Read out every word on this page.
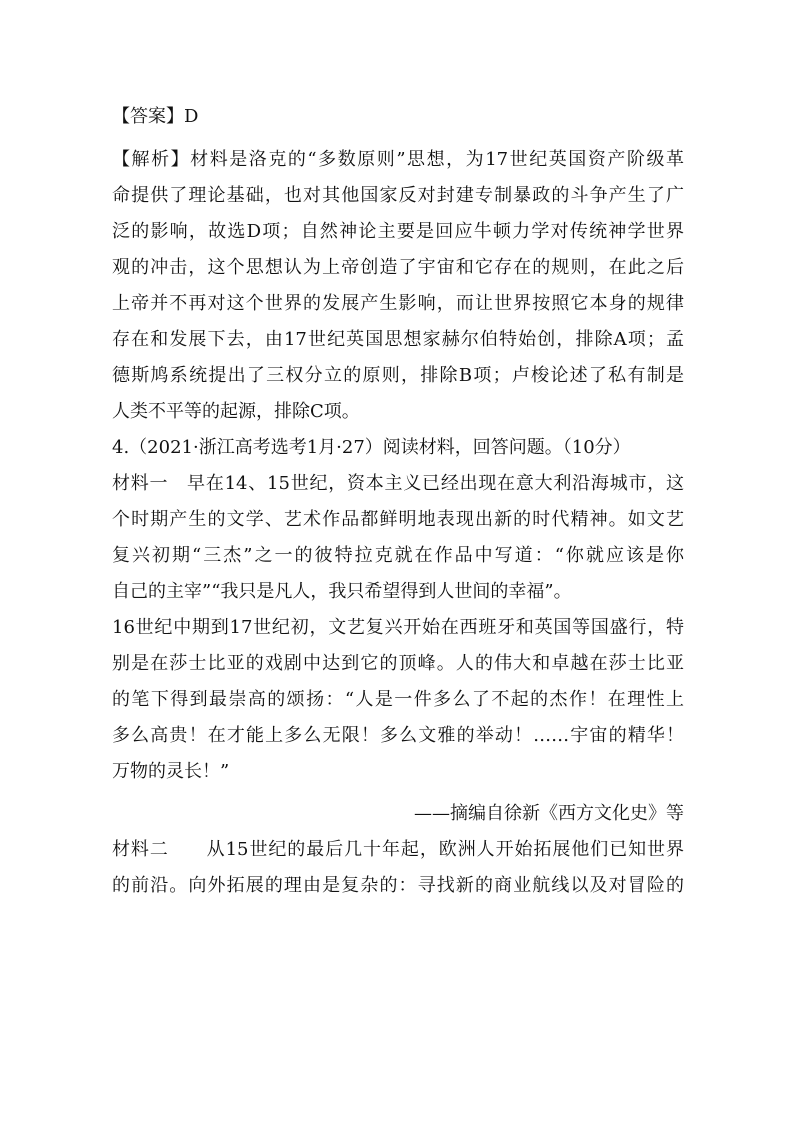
【答案】D
【解析】材料是洛克的“多数原则”思想，为17世纪英国资产阶级革
命提供了理论基础，也对其他国家反对封建专制暴政的斗争产生了广
泛的影响，故选D项；自然神论主要是回应牛顿力学对传统神学世界
观的冲击，这个思想认为上帝创造了宇宙和它存在的规则，在此之后
上帝并不再对这个世界的发展产生影响，而让世界按照它本身的规律
存在和发展下去，由17世纪英国思想家赫尔伯特始创，排除A项；孟
德斯鸠系统提出了三权分立的原则，排除B项；卢梭论述了私有制是
人类不平等的起源，排除C项。
4.（2021·浙江高考选考1月·27）阅读材料，回答问题。（10分）
材料一　早在14、15世纪，资本主义已经出现在意大利沿海城市，这
个时期产生的文学、艺术作品都鲜明地表现出新的时代精神。如文艺
复兴初期“三杰”之一的彼特拉克就在作品中写道：“你就应该是你
自己的主宰”“我只是凡人，我只希望得到人世间的幸福”。
16世纪中期到17世纪初，文艺复兴开始在西班牙和英国等国盛行，特
别是在莎士比亚的戏剧中达到它的顶峰。人的伟大和卓越在莎士比亚
的笔下得到最崇高的颂扬：“人是一件多么了不起的杰作！在理性上
多么高贵！在才能上多么无限！多么文雅的举动！……宇宙的精华！
万物的灵长！”
——摘编自徐新《西方文化史》等
材料二　　从15世纪的最后几十年起，欧洲人开始拓展他们已知世界
的前沿。向外拓展的理由是复杂的：寻找新的商业航线以及对冒险的
